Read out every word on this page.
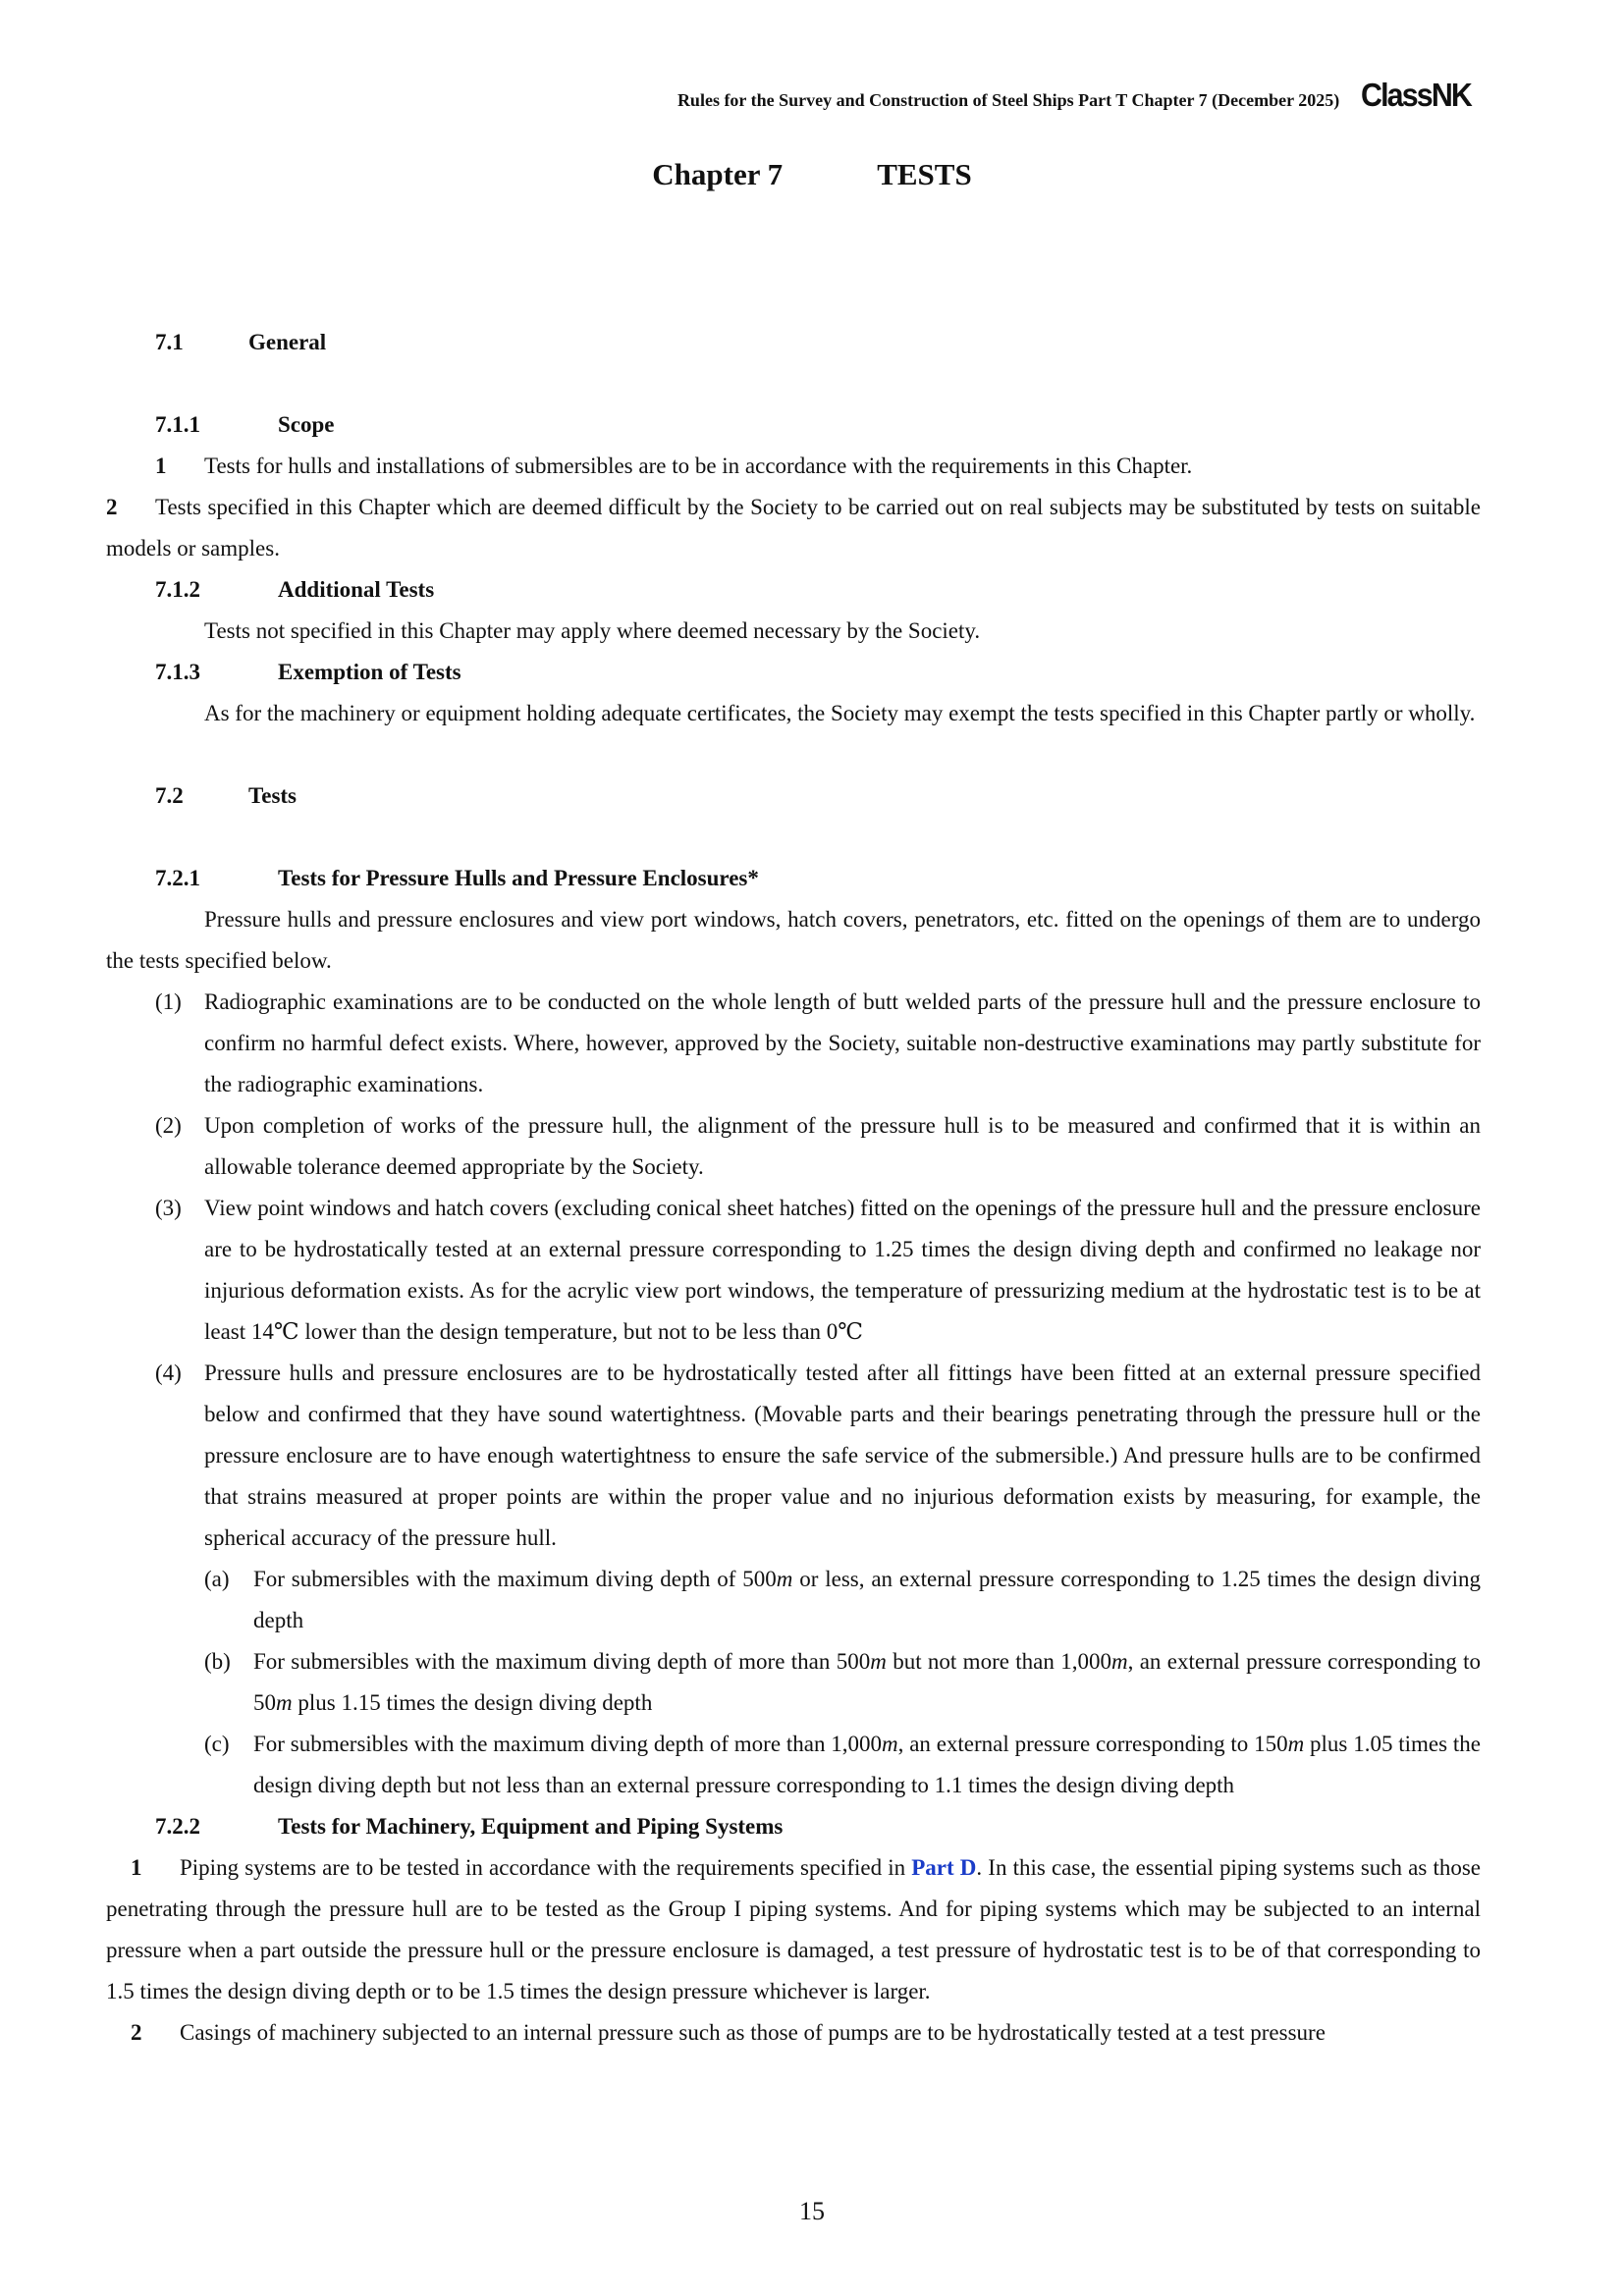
Rules for the Survey and Construction of Steel Ships Part T Chapter 7 (December 2025) ClassNK
Chapter 7	TESTS

7.1	General

7.1.1	Scope

1 Tests for hulls and installations of submersibles are to be in accordance with the requirements in this Chapter.

2 Tests specified in this Chapter which are deemed difficult by the Society to be carried out on real subjects may be substituted by tests on suitable models or samples.

7.1.2	Additional Tests

Tests not specified in this Chapter may apply where deemed necessary by the Society.

7.1.3	Exemption of Tests

As for the machinery or equipment holding adequate certificates, the Society may exempt the tests specified in this Chapter partly or wholly.

7.2	Tests

7.2.1	Tests for Pressure Hulls and Pressure Enclosures*

Pressure hulls and pressure enclosures and view port windows, hatch covers, penetrators, etc. fitted on the openings of them are to undergo the tests specified below.

(1) Radiographic examinations are to be conducted on the whole length of butt welded parts of the pressure hull and the pressure enclosure to confirm no harmful defect exists. Where, however, approved by the Society, suitable non-destructive examinations may partly substitute for the radiographic examinations.

(2) Upon completion of works of the pressure hull, the alignment of the pressure hull is to be measured and confirmed that it is within an allowable tolerance deemed appropriate by the Society.

(3) View point windows and hatch covers (excluding conical sheet hatches) fitted on the openings of the pressure hull and the pressure enclosure are to be hydrostatically tested at an external pressure corresponding to 1.25 times the design diving depth and confirmed no leakage nor injurious deformation exists. As for the acrylic view port windows, the temperature of pressurizing medium at the hydrostatic test is to be at least 14℃ lower than the design temperature, but not to be less than 0℃

(4) Pressure hulls and pressure enclosures are to be hydrostatically tested after all fittings have been fitted at an external pressure specified below and confirmed that they have sound watertightness. (Movable parts and their bearings penetrating through the pressure hull or the pressure enclosure are to have enough watertightness to ensure the safe service of the submersible.) And pressure hulls are to be confirmed that strains measured at proper points are within the proper value and no injurious deformation exists by measuring, for example, the spherical accuracy of the pressure hull.

(a) For submersibles with the maximum diving depth of 500m or less, an external pressure corresponding to 1.25 times the design diving depth

(b) For submersibles with the maximum diving depth of more than 500m but not more than 1,000m, an external pressure corresponding to 50m plus 1.15 times the design diving depth

(c) For submersibles with the maximum diving depth of more than 1,000m, an external pressure corresponding to 150m plus 1.05 times the design diving depth but not less than an external pressure corresponding to 1.1 times the design diving depth

7.2.2	Tests for Machinery, Equipment and Piping Systems

1 Piping systems are to be tested in accordance with the requirements specified in Part D. In this case, the essential piping systems such as those penetrating through the pressure hull are to be tested as the Group I piping systems. And for piping systems which may be subjected to an internal pressure when a part outside the pressure hull or the pressure enclosure is damaged, a test pressure of hydrostatic test is to be of that corresponding to 1.5 times the design diving depth or to be 1.5 times the design pressure whichever is larger.

2 Casings of machinery subjected to an internal pressure such as those of pumps are to be hydrostatically tested at a test pressure

15
